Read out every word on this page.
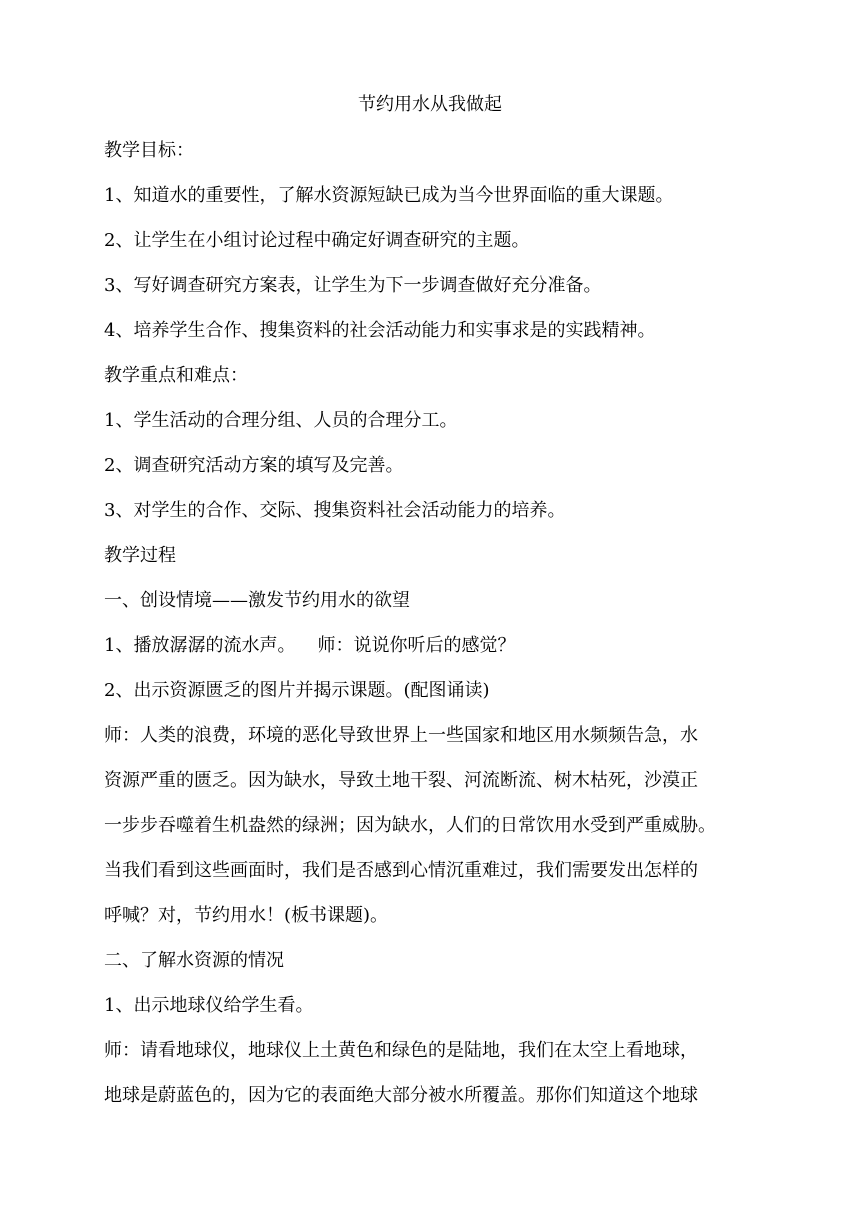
节约用水从我做起
教学目标：
1、知道水的重要性，了解水资源短缺已成为当今世界面临的重大课题。
2、让学生在小组讨论过程中确定好调查研究的主题。
3、写好调查研究方案表，让学生为下一步调查做好充分准备。
4、培养学生合作、搜集资料的社会活动能力和实事求是的实践精神。
教学重点和难点：
1、学生活动的合理分组、人员的合理分工。
2、调查研究活动方案的填写及完善。
3、对学生的合作、交际、搜集资料社会活动能力的培养。
教学过程
一、创设情境——激发节约用水的欲望
1、播放潺潺的流水声。 师：说说你听后的感觉？
2、出示资源匮乏的图片并揭示课题。(配图诵读)
师：人类的浪费，环境的恶化导致世界上一些国家和地区用水频频告急，水
资源严重的匮乏。因为缺水，导致土地干裂、河流断流、树木枯死，沙漠正
一步步吞噬着生机盎然的绿洲；因为缺水，人们的日常饮用水受到严重威胁。
当我们看到这些画面时，我们是否感到心情沉重难过，我们需要发出怎样的
呼喊？对，节约用水！(板书课题)。
二、了解水资源的情况
1、出示地球仪给学生看。
师：请看地球仪，地球仪上土黄色和绿色的是陆地，我们在太空上看地球，
地球是蔚蓝色的，因为它的表面绝大部分被水所覆盖。那你们知道这个地球
